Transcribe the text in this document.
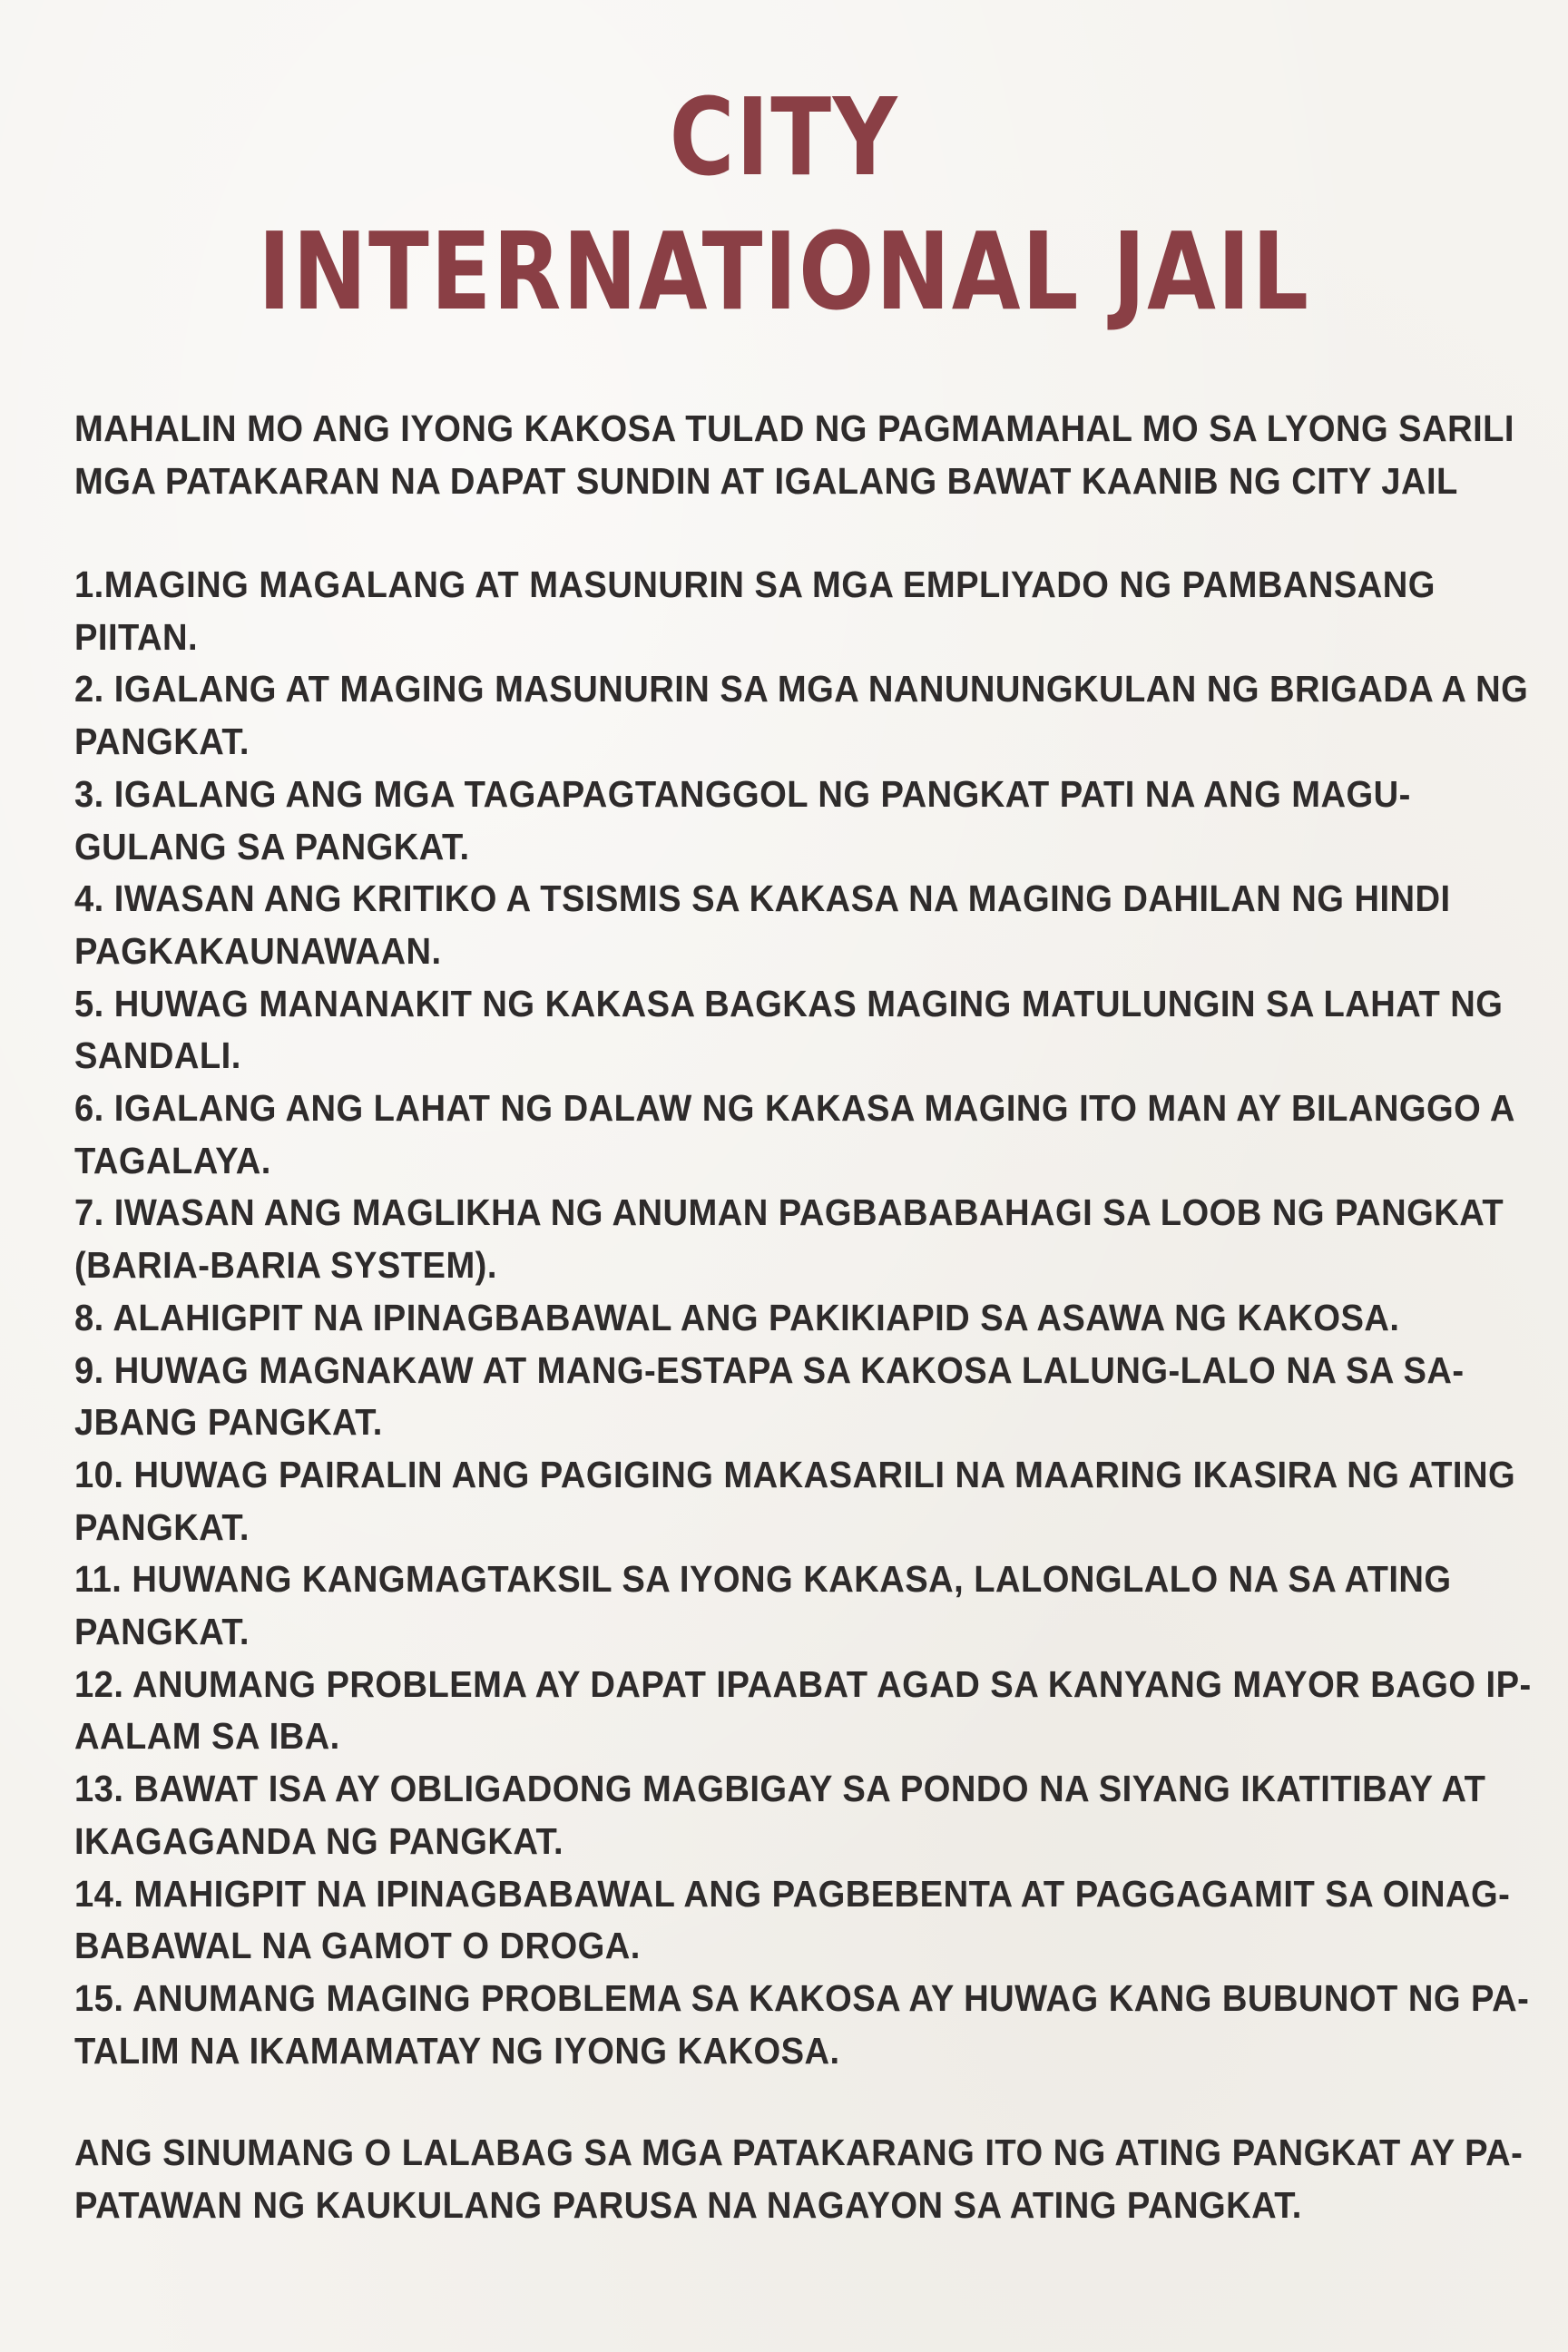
CITY
INTERNATIONAL JAIL
MAHALIN MO ANG IYONG KAKOSA TULAD NG PAGMAMAHAL MO SA LYONG SARILI
MGA PATAKARAN NA DAPAT SUNDIN AT IGALANG BAWAT KAANIB NG CITY JAIL
1.MAGING MAGALANG AT MASUNURIN SA MGA EMPLIYADO NG PAMBANSANG
PIITAN.
2. IGALANG AT MAGING MASUNURIN SA MGA NANUNUNGKULAN NG BRIGADA A NG
PANGKAT.
3. IGALANG ANG MGA TAGAPAGTANGGOL NG PANGKAT PATI NA ANG MAGU-
GULANG SA PANGKAT.
4. IWASAN ANG KRITIKO A TSISMIS SA KAKASA NA MAGING DAHILAN NG HINDI
PAGKAKAUNAWAAN.
5. HUWAG MANANAKIT NG KAKASA BAGKAS MAGING MATULUNGIN SA LAHAT NG
SANDALI.
6. IGALANG ANG LAHAT NG DALAW NG KAKASA MAGING ITO MAN AY BILANGGO A
TAGALAYA.
7. IWASAN ANG MAGLIKHA NG ANUMAN PAGBABABAHAGI SA LOOB NG PANGKAT
(BARIA-BARIA SYSTEM).
8. ALAHIGPIT NA IPINAGBABAWAL ANG PAKIKIAPID SA ASAWA NG KAKOSA.
9. HUWAG MAGNAKAW AT MANG-ESTAPA SA KAKOSA LALUNG-LALO NA SA SA-
JBANG PANGKAT.
10. HUWAG PAIRALIN ANG PAGIGING MAKASARILI NA MAARING IKASIRA NG ATING
PANGKAT.
11. HUWANG KANGMAGTAKSIL SA IYONG KAKASA, LALONGLALO NA SA ATING
PANGKAT.
12. ANUMANG PROBLEMA AY DAPAT IPAABAT AGAD SA KANYANG MAYOR BAGO IP-
AALAM SA IBA.
13. BAWAT ISA AY OBLIGADONG MAGBIGAY SA PONDO NA SIYANG IKATITIBAY AT
IKAGAGANDA NG PANGKAT.
14. MAHIGPIT NA IPINAGBABAWAL ANG PAGBEBENTA AT PAGGAGAMIT SA OINAG-
BABAWAL NA GAMOT O DROGA.
15. ANUMANG MAGING PROBLEMA SA KAKOSA AY HUWAG KANG BUBUNOT NG PA-
TALIM NA IKAMAMATAY NG IYONG KAKOSA.
ANG SINUMANG O LALABAG SA MGA PATAKARANG ITO NG ATING PANGKAT AY PA-
PATAWAN NG KAUKULANG PARUSA NA NAGAYON SA ATING PANGKAT.
